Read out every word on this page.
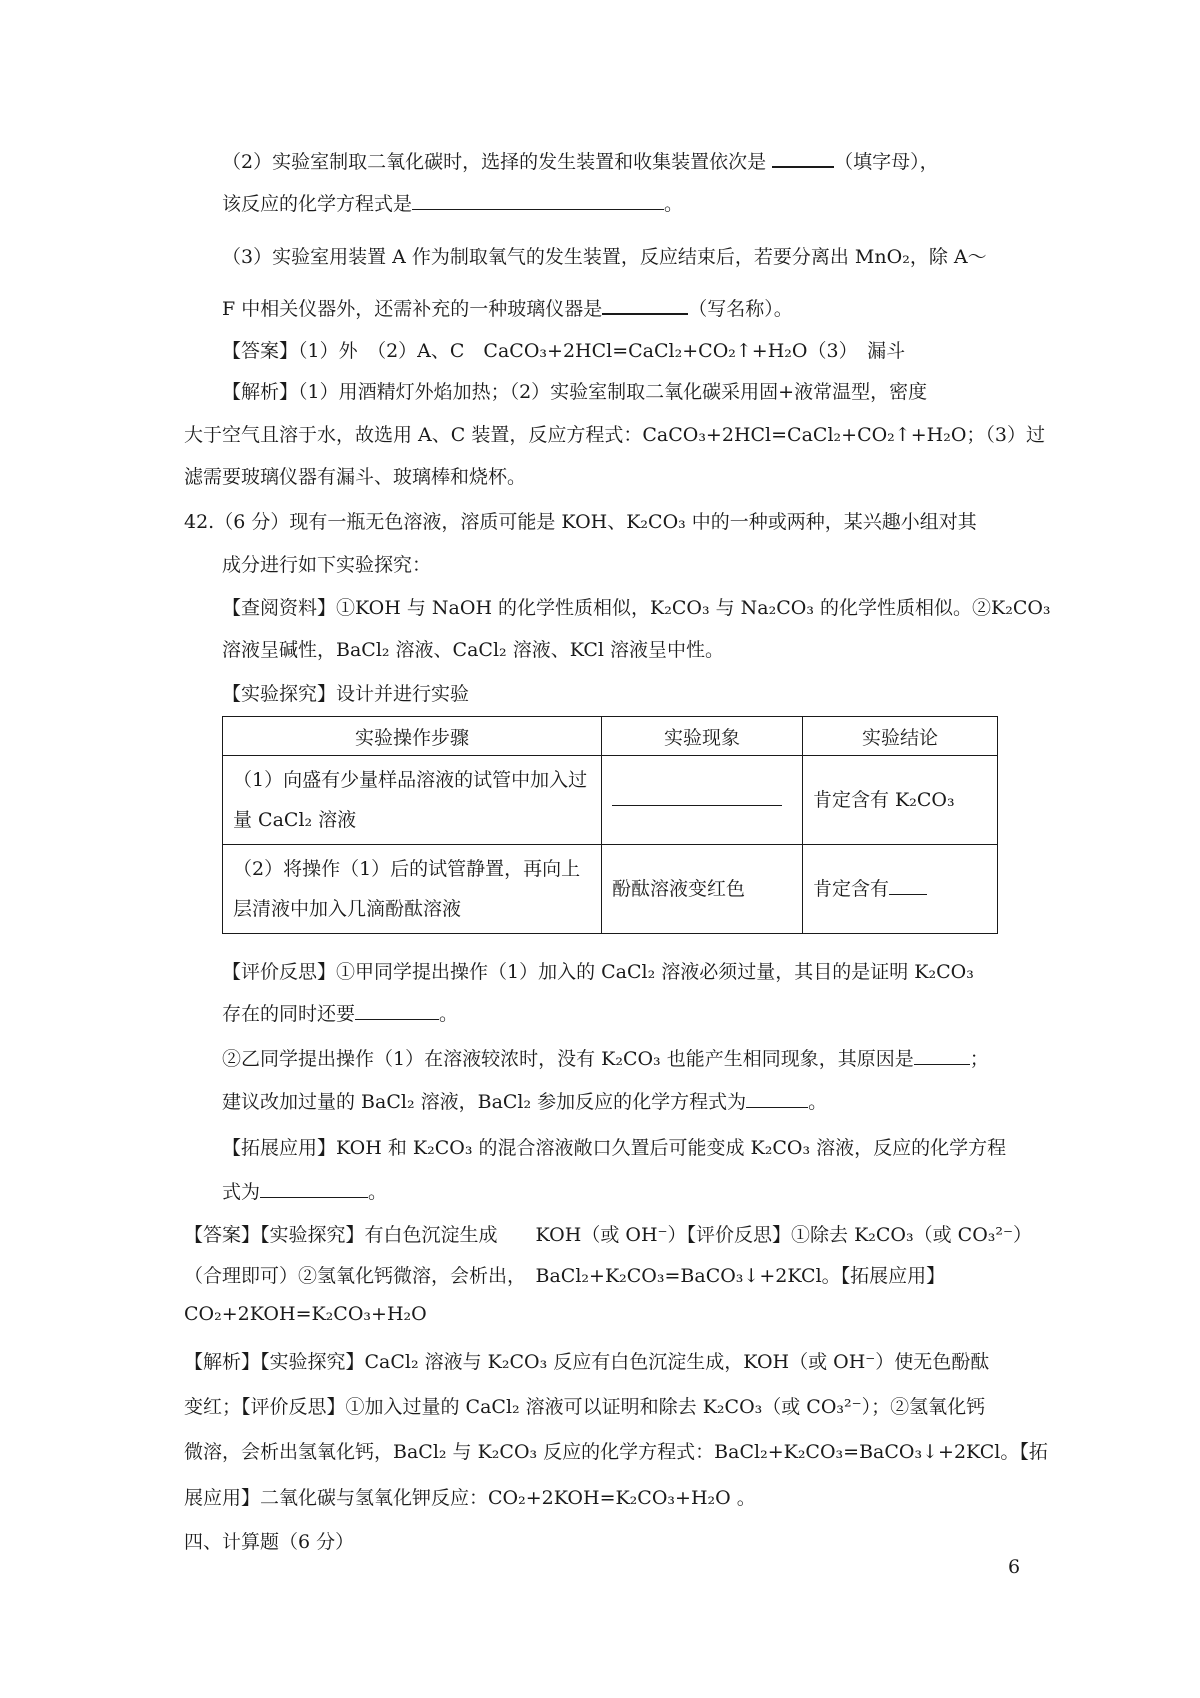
（2）实验室制取二氧化碳时，选择的发生装置和收集装置依次是	（填字母），
该反应的化学方程式是	。
（3）实验室用装置 A 作为制取氧气的发生装置，反应结束后，若要分离出 MnO₂，除 A～
F 中相关仪器外，还需补充的一种玻璃仪器是	（写名称）。
【答案】（1）外　（2）A、C　CaCO₃+2HCl=CaCl₂+CO₂↑+H₂O（3）　漏斗
【解析】（1）用酒精灯外焰加热；（2）实验室制取二氧化碳采用固+液常温型，密度
大于空气且溶于水，故选用 A、C 装置，反应方程式：CaCO₃+2HCl=CaCl₂+CO₂↑+H₂O；（3）过
滤需要玻璃仪器有漏斗、玻璃棒和烧杯。
42.（6 分）现有一瓶无色溶液，溶质可能是 KOH、K₂CO₃ 中的一种或两种，某兴趣小组对其
成分进行如下实验探究：
【查阅资料】①KOH 与 NaOH 的化学性质相似，K₂CO₃ 与 Na₂CO₃ 的化学性质相似。②K₂CO₃
溶液呈碱性，BaCl₂ 溶液、CaCl₂ 溶液、KCl 溶液呈中性。
【实验探究】设计并进行实验
实验操作步骤	实验现象	实验结论
（1）向盛有少量样品溶液的试管中加入过量 CaCl₂ 溶液		肯定含有 K₂CO₃
（2）将操作（1）后的试管静置，再向上层清液中加入几滴酚酞溶液	酚酞溶液变红色	肯定含有
【评价反思】①甲同学提出操作（1）加入的 CaCl₂ 溶液必须过量，其目的是证明 K₂CO₃
存在的同时还要	。
②乙同学提出操作（1）在溶液较浓时，没有 K₂CO₃ 也能产生相同现象，其原因是	；
建议改加过量的 BaCl₂ 溶液，BaCl₂ 参加反应的化学方程式为	。
【拓展应用】KOH 和 K₂CO₃ 的混合溶液敞口久置后可能变成 K₂CO₃ 溶液，反应的化学方程
式为	。
【答案】【实验探究】有白色沉淀生成　　KOH（或 OH⁻）【评价反思】①除去 K₂CO₃（或 CO₃²⁻）
（合理即可）②氢氧化钙微溶，会析出，　BaCl₂+K₂CO₃=BaCO₃↓+2KCl。【拓展应用】
CO₂+2KOH=K₂CO₃+H₂O
【解析】【实验探究】CaCl₂ 溶液与 K₂CO₃ 反应有白色沉淀生成，KOH（或 OH⁻）使无色酚酞
变红；【评价反思】①加入过量的 CaCl₂ 溶液可以证明和除去 K₂CO₃（或 CO₃²⁻）；②氢氧化钙
微溶，会析出氢氧化钙，BaCl₂ 与 K₂CO₃ 反应的化学方程式：BaCl₂+K₂CO₃=BaCO₃↓+2KCl。【拓
展应用】二氧化碳与氢氧化钾反应：CO₂+2KOH=K₂CO₃+H₂O 。
四、计算题（6 分）
6
